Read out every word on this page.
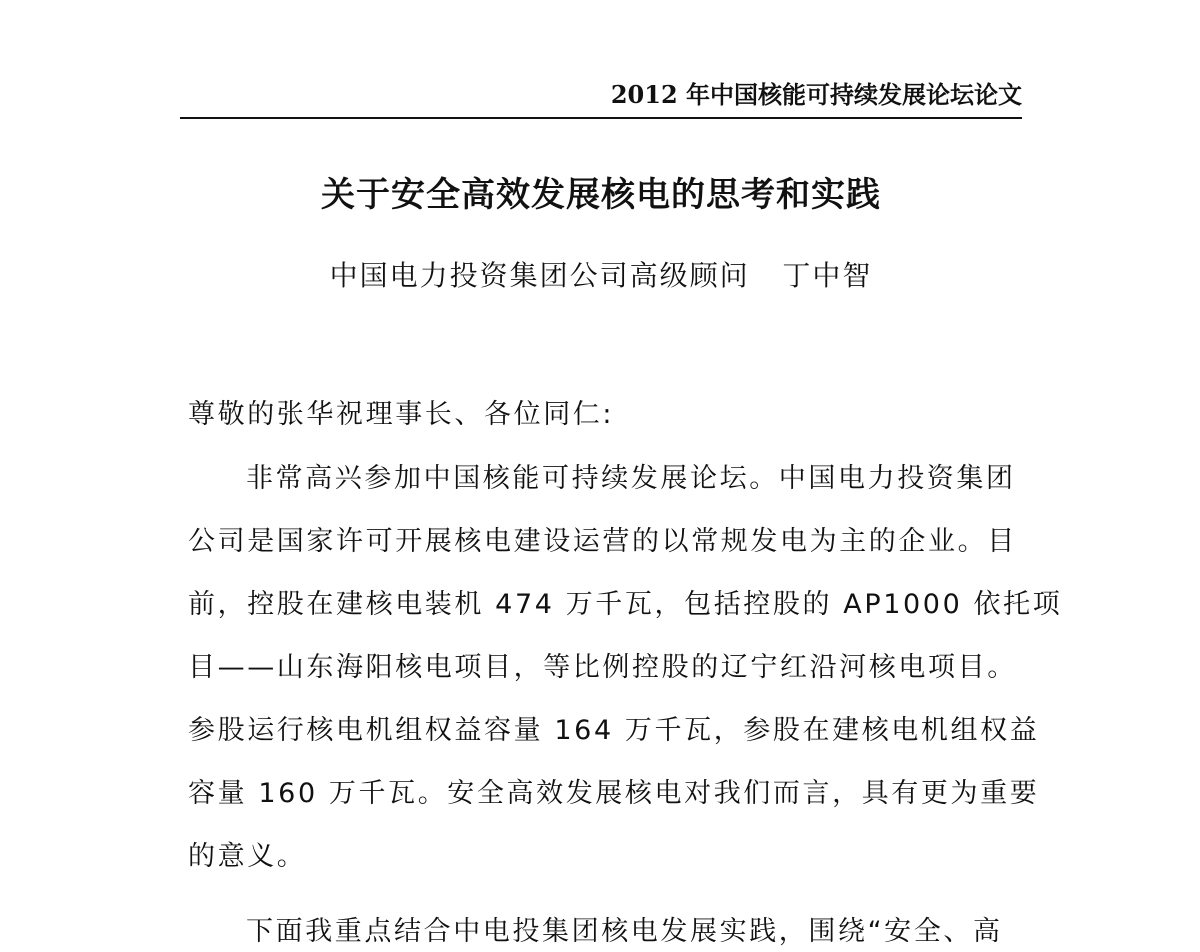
2012 年中国核能可持续发展论坛论文
关于安全高效发展核电的思考和实践
中国电力投资集团公司高级顾问   丁中智
尊敬的张华祝理事长、各位同仁:
非常高兴参加中国核能可持续发展论坛。中国电力投资集团
公司是国家许可开展核电建设运营的以常规发电为主的企业。目
前，控股在建核电装机 474 万千瓦，包括控股的 AP1000 依托项
目——山东海阳核电项目，等比例控股的辽宁红沿河核电项目。
参股运行核电机组权益容量 164 万千瓦，参股在建核电机组权益
容量 160 万千瓦。安全高效发展核电对我们而言，具有更为重要
的意义。
下面我重点结合中电投集团核电发展实践，围绕“安全、高
